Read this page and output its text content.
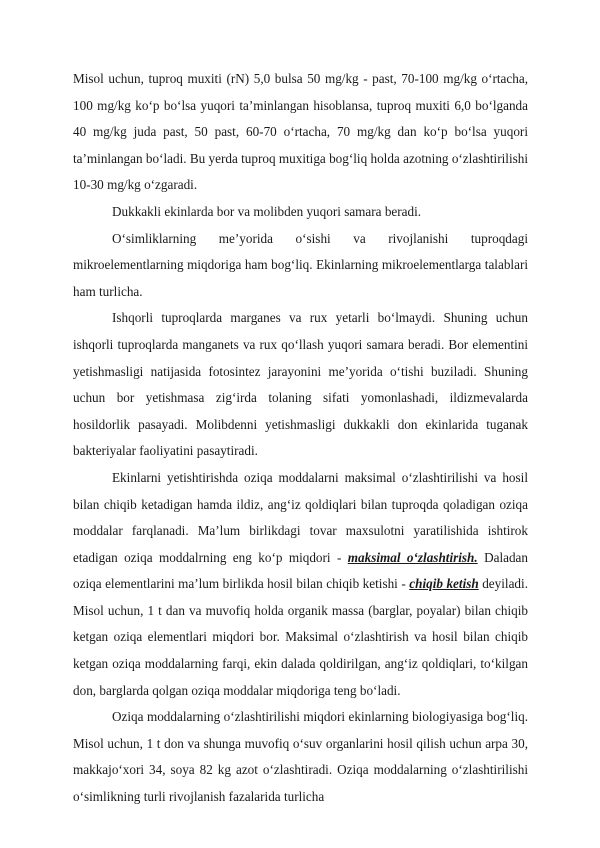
Misol uchun, tuproq muxiti (rN) 5,0 bulsa 50 mg/kg - past, 70-100 mg/kg oʻrtacha, 100 mg/kg koʻp boʻlsa yuqori taʼminlangan hisoblansa, tuproq muxiti 6,0 boʻlganda 40 mg/kg juda past, 50 past, 60-70 oʻrtacha, 70 mg/kg dan koʻp boʻlsa yuqori taʼminlangan boʻladi. Bu yerda tuproq muxitiga bogʻliq holda azotning oʻzlashtirilishi 10-30 mg/kg oʻzgaradi.

Dukkakli ekinlarda bor va molibden yuqori samara beradi.

Oʻsimliklarning meʼyorida oʻsishi va rivojlanishi tuproqdagi mikroelementlarning miqdoriga ham bogʻliq. Ekinlarning mikroelementlarga talablari ham turlicha.

Ishqorli tuproqlarda marganes va rux yetarli boʻlmaydi. Shuning uchun ishqorli tuproqlarda manganets va rux qoʻllash yuqori samara beradi. Bor elementini yetishmasligi natijasida fotosintez jarayonini meʼyorida oʻtishi buziladi. Shuning uchun bor yetishmasa zigʻirda tolaning sifati yomonlashadi, ildizmevalarda hosildorlik pasayadi. Molibdenni yetishmasligi dukkakli don ekinlarida tuganak bakteriyalar faoliyatini pasaytiradi.

Ekinlarni yetishtirishda oziqa moddalarni maksimal oʻzlashtirilishi va hosil bilan chiqib ketadigan hamda ildiz, angʻiz qoldiqlari bilan tuproqda qoladigan oziqa moddalar farqlanadi. Maʼlum birlikdagi tovar maxsulotni yaratilishida ishtirok etadigan oziqa moddalrning eng koʻp miqdori - maksimal oʻzlashtirish. Daladan oziqa elementlarini maʼlum birlikda hosil bilan chiqib ketishi - chiqib ketish deyiladi. Misol uchun, 1 t dan va muvofiq holda organik massa (barglar, poyalar) bilan chiqib ketgan oziqa elementlari miqdori bor. Maksimal oʻzlashtirish va hosil bilan chiqib ketgan oziqa moddalarning farqi, ekin dalada qoldirilgan, angʻiz qoldiqlari, toʻkilgan don, barglarda qolgan oziqa moddalar miqdoriga teng boʻladi.

Oziqa moddalarning oʻzlashtirilishi miqdori ekinlarning biologiyasiga bogʻliq. Misol uchun, 1 t don va shunga muvofiq oʻsuv organlarini hosil qilish uchun arpa 30, makkajoʻxori 34, soya 82 kg azot oʻzlashtiradi. Oziqa moddalarning oʻzlashtirilishi oʻsimlikning turli rivojlanish fazalarida turlicha
